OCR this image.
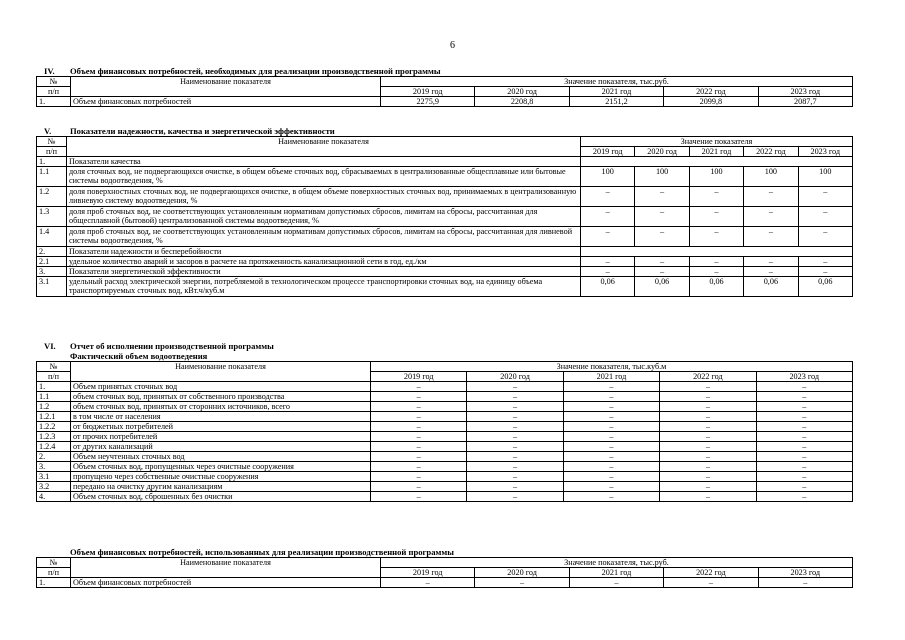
6
IV. Объем финансовых потребностей, необходимых для реализации производственной программы
№	Наименование показателя	Значение показателя, тыс.руб.				
п/п		2019 год	2020 год	2021 год	2022 год	2023 год
1.	Объем финансовых потребностей	2275,9	2208,8	2151,2	2099,8	2087,7
V. Показатели надежности, качества и энергетической эффективности
№	Наименование показателя	Значение показателя				
п/п		2019 год	2020 год	2021 год	2022 год	2023 год
1.	Показатели качества					
1.1	доля сточных вод, не подвергающихся очистке, в общем объеме сточных вод, сбрасываемых в централизованные общесплавные или бытовые системы водоотведения, %	100	100	100	100	100
1.2	доля поверхностных сточных вод, не подвергающихся очистке, в общем объеме поверхностных сточных вод, принимаемых в централизованную ливневую систему водоотведения, %	–	–	–	–	–
1.3	доля проб сточных вод, не соответствующих установленным нормативам допустимых сбросов, лимитам на сбросы, рассчитанная для общесплавной (бытовой) централизованной системы водоотведения, %	–	–	–	–	–
1.4	доля проб сточных вод, не соответствующих установленным нормативам допустимых сбросов, лимитам на сбросы, рассчитанная для ливневой системы водоотведения, %	–	–	–	–	–
2.	Показатели надежности и бесперебойности					
2.1	удельное количество аварий и засоров в расчете на протяженность канализационной сети в год, ед./км	–	–	–	–	–
3.	Показатели энергетической эффективности	–	–	–	–	–
3.1	удельный расход электрической энергии, потребляемой в технологическом процессе транспортировки сточных вод, на единицу объема транспортируемых сточных вод, кВт.ч/куб.м	0,06	0,06	0,06	0,06	0,06
VI. Отчет об исполнении производственной программы
Фактический объем водоотведения
№	Наименование показателя	Значение показателя, тыс.куб.м				
п/п		2019 год	2020 год	2021 год	2022 год	2023 год
1.	Объем принятых сточных вод	–	–	–	–	–
1.1	объем сточных вод, принятых от собственного производства	–	–	–	–	–
1.2	объем сточных вод, принятых от сторонних источников, всего	–	–	–	–	–
1.2.1	в том числе от населения	–	–	–	–	–
1.2.2	от бюджетных потребителей	–	–	–	–	–
1.2.3	от прочих потребителей	–	–	–	–	–
1.2.4	от других канализаций	–	–	–	–	–
2.	Объем неучтенных сточных вод	–	–	–	–	–
3.	Объем сточных вод, пропущенных через очистные сооружения	–	–	–	–	–
3.1	пропущено через собственные очистные сооружения	–	–	–	–	–
3.2	передано на очистку другим канализациям	–	–	–	–	–
4.	Объем сточных вод, сброшенных без очистки	–	–	–	–	–
Объем финансовых потребностей, использованных для реализации производственной программы
№	Наименование показателя	Значение показателя, тыс.руб.				
п/п		2019 год	2020 год	2021 год	2022 год	2023 год
1.	Объем финансовых потребностей	–	–	–	–	–
